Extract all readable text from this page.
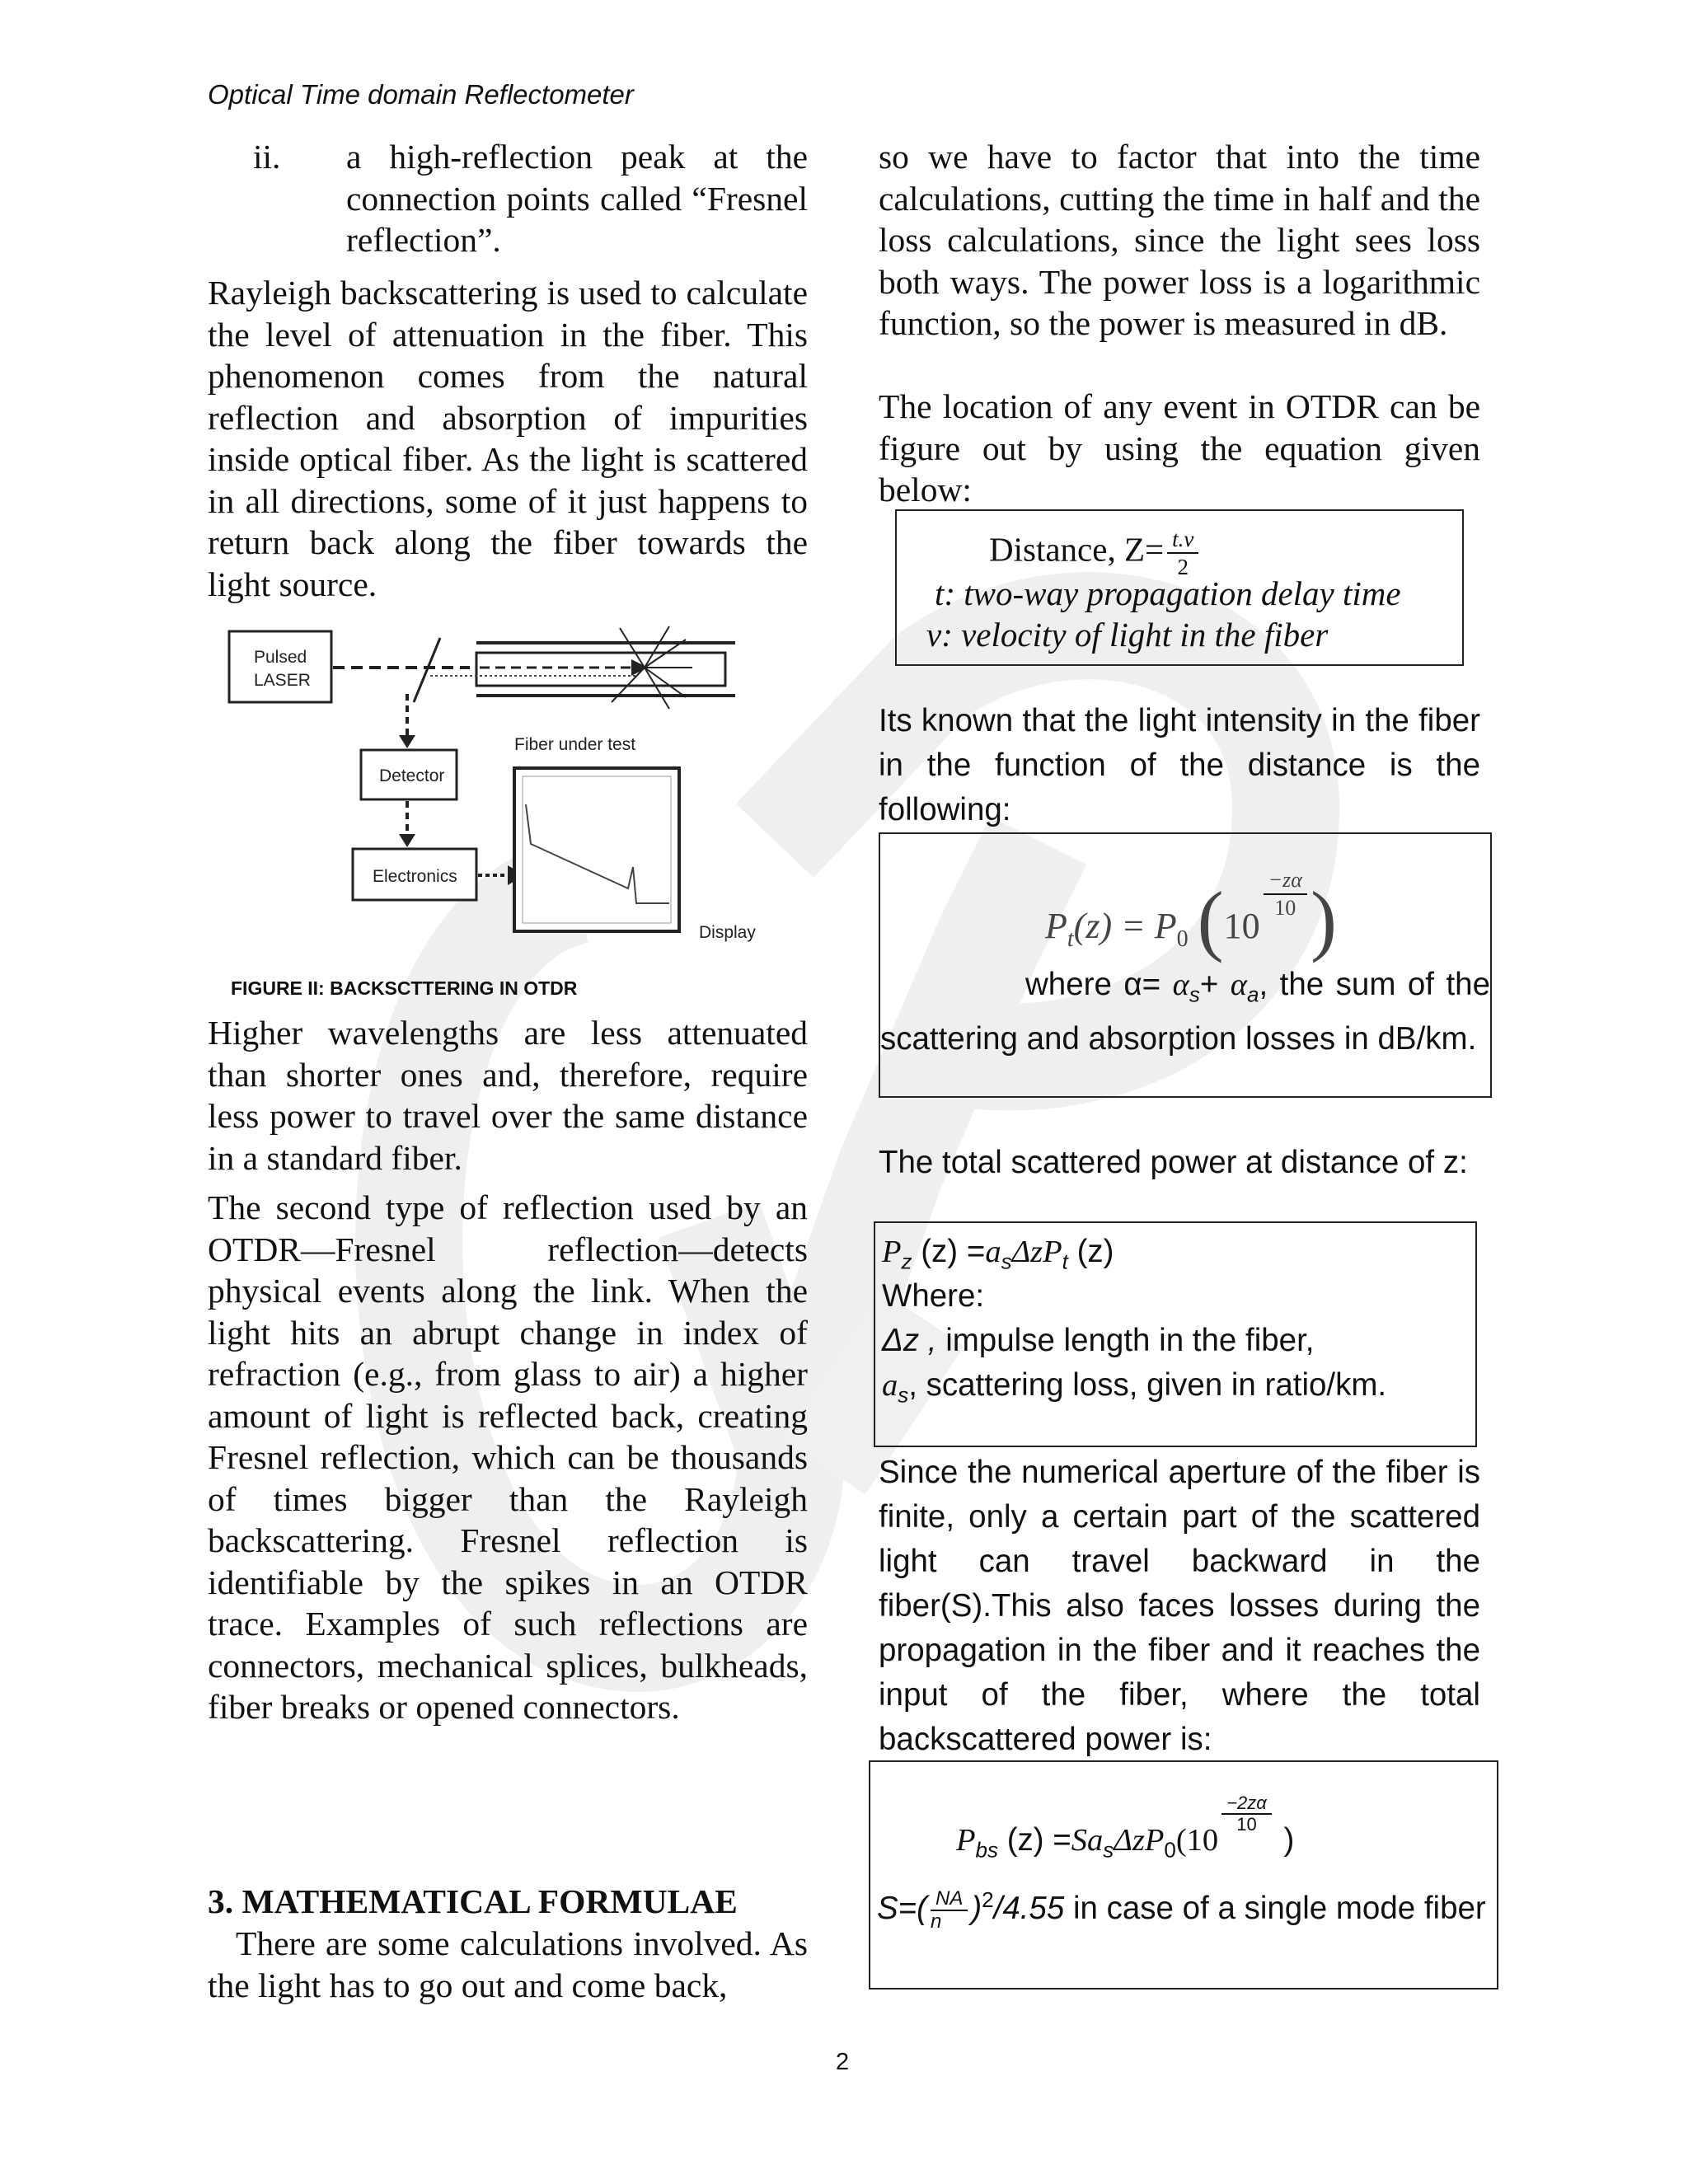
Optical Time domain Reflectometer
ii. a high-reflection peak at the connection points called “Fresnel reflection”.
Rayleigh backscattering is used to calculate the level of attenuation in the fiber. This phenomenon comes from the natural reflection and absorption of impurities inside optical fiber. As the light is scattered in all directions, some of it just happens to return back along the fiber towards the light source.
Pulsed
LASER
Detector
Electronics
Fiber under test
Display
FIGURE II: BACKSCTTERING IN OTDR
Higher wavelengths are less attenuated than shorter ones and, therefore, require less power to travel over the same distance in a standard fiber.
The second type of reflection used by an OTDR—Fresnel reflection—detects physical events along the link. When the light hits an abrupt change in index of refraction (e.g., from glass to air) a higher amount of light is reflected back, creating Fresnel reflection, which can be thousands of times bigger than the Rayleigh backscattering. Fresnel reflection is identifiable by the spikes in an OTDR trace. Examples of such reflections are connectors, mechanical splices, bulkheads, fiber breaks or opened connectors.
3. MATHEMATICAL FORMULAE
There are some calculations involved. As the light has to go out and come back,
so we have to factor that into the time calculations, cutting the time in half and the loss calculations, since the light sees loss both ways. The power loss is a logarithmic function, so the power is measured in dB.
The location of any event in OTDR can be figure out by using the equation given below:
Distance, $Z= \frac{t.v}{2}$
t: two-way propagation delay time
v: velocity of light in the fiber
Its known that the light intensity in the fiber in the function of the distance is the following:
$P_t(z) = P_0$ (10
$\frac{-z\alpha}{10}$ )
where $\alpha= \alpha_s+ \alpha_a$, the sum of the scattering and absorption losses in dB/km.
The total scattered power at distance of z:
$P_z$ $(z) =a_s\Delta zP_t$ (z)
Where:
Δz , impulse length in the fiber,
$a_s$, scattering loss, given in ratio/km.
Since the numerical aperture of the fiber is finite, only a certain part of the scattered light can travel backward in the fiber(S).This also faces losses during the propagation in the fiber and it reaches the input of the fiber, where the total backscattered power is:
$P_{bs}$ $(z) =Sa_s\Delta zP_0(10$
$\frac{-2z\alpha}{10}$
)
$S=( \frac{NA}{n} )^2/4.55$ in case of a single mode fiber
2
